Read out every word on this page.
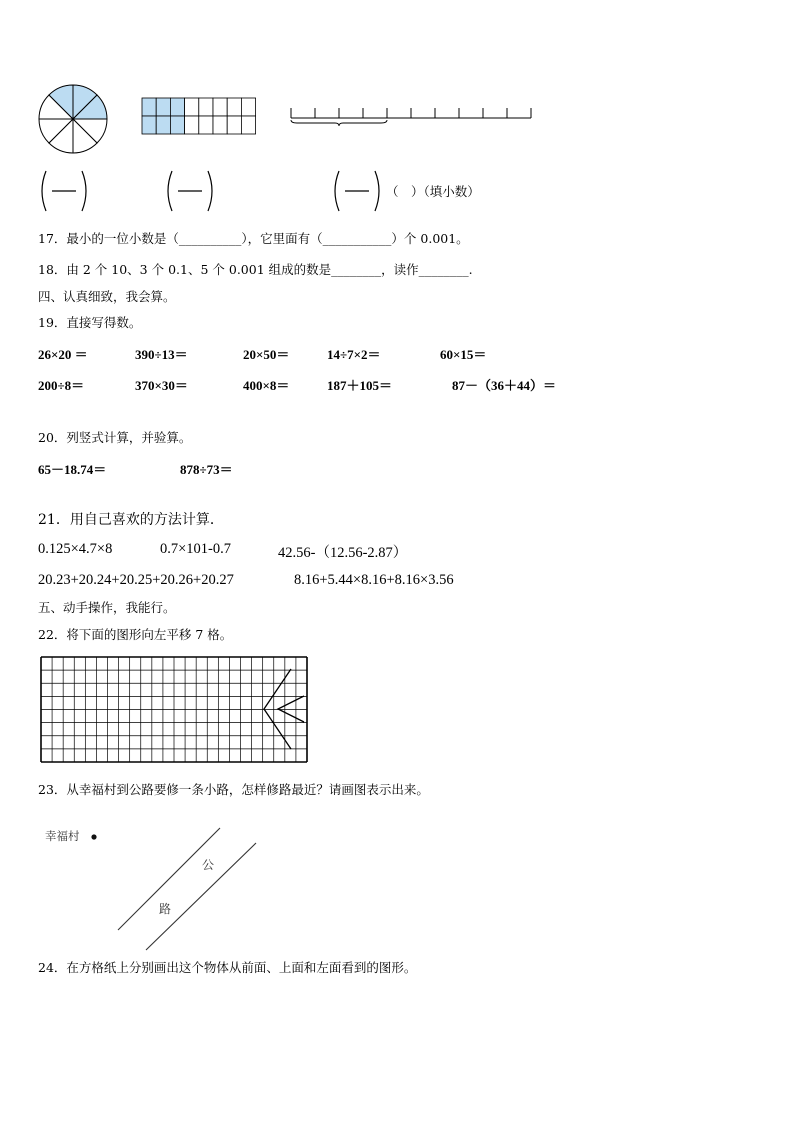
（　）（填小数）
17．最小的一位小数是（__________），它里面有（___________）个 0.001。
18．由 2 个 10、3 个 0.1、5 个 0.001 组成的数是________，读作________.
四、认真细致，我会算。
19．直接写得数。
26×20 ＝	390÷13＝	20×50＝	14÷7×2＝	60×15＝
200÷8＝	370×30＝	400×8＝	187＋105＝	87－（36＋44）＝
20．列竖式计算，并验算。
65－18.74＝	878÷73＝
21．用自己喜欢的方法计算．
0.125×4.7×8	0.7×101-0.7	42.56-（12.56-2.87）
20.23+20.24+20.25+20.26+20.27	8.16+5.44×8.16+8.16×3.56
五、动手操作，我能行。
22．将下面的图形向左平移 7 格。
23．从幸福村到公路要修一条小路，怎样修路最近？请画图表示出来。
幸福村
公
路
24．在方格纸上分别画出这个物体从前面、上面和左面看到的图形。
